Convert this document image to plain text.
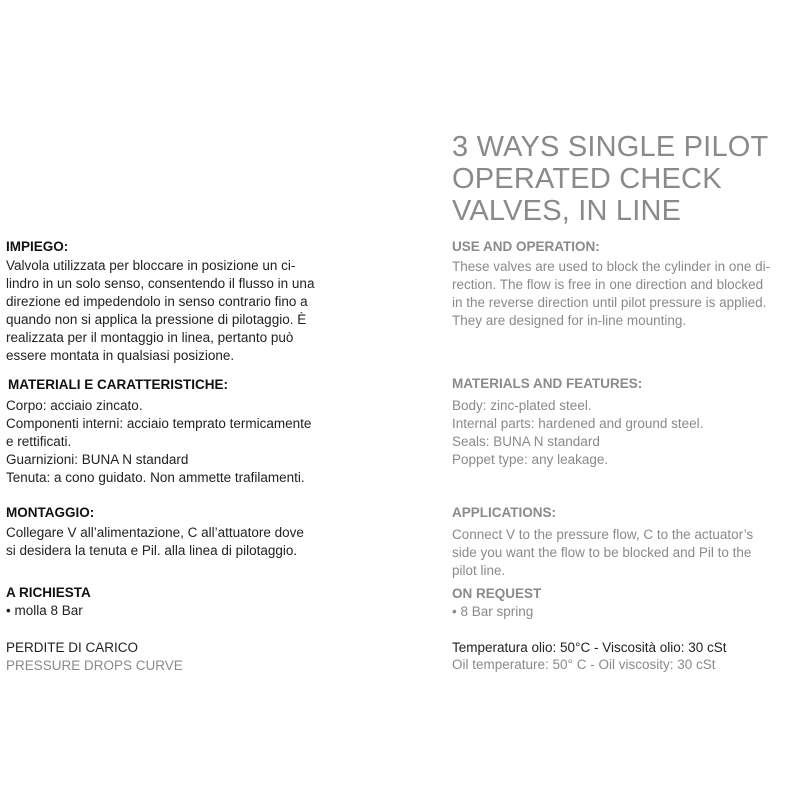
3 WAYS SINGLE PILOT
OPERATED CHECK
VALVES, IN LINE
IMPIEGO:
Valvola utilizzata per bloccare in posizione un ci-
lindro in un solo senso, consentendo il flusso in una
direzione ed impedendolo in senso contrario fino a
quando non si applica la pressione di pilotaggio. È
realizzata per il montaggio in linea, pertanto può
essere montata in qualsiasi posizione.
MATERIALI E CARATTERISTICHE:
Corpo: acciaio zincato.
Componenti interni: acciaio temprato termicamente
e rettificati.
Guarnizioni: BUNA N standard
Tenuta: a cono guidato. Non ammette trafilamenti.
MONTAGGIO:
Collegare V all’alimentazione, C all’attuatore dove
si desidera la tenuta e Pil. alla linea di pilotaggio.
A RICHIESTA
• molla 8 Bar
PERDITE DI CARICO
PRESSURE DROPS CURVE
USE AND OPERATION:
These valves are used to block the cylinder in one di-
rection. The flow is free in one direction and blocked
in the reverse direction until pilot pressure is applied.
They are designed for in-line mounting.
MATERIALS AND FEATURES:
Body: zinc-plated steel.
Internal parts: hardened and ground steel.
Seals: BUNA N standard
Poppet type: any leakage.
APPLICATIONS:
Connect V to the pressure flow, C to the actuator’s
side you want the flow to be blocked and Pil to the
pilot line.
ON REQUEST
• 8 Bar spring
Temperatura olio: 50°C - Viscosità olio: 30 cSt
Oil temperature: 50° C - Oil viscosity: 30 cSt
